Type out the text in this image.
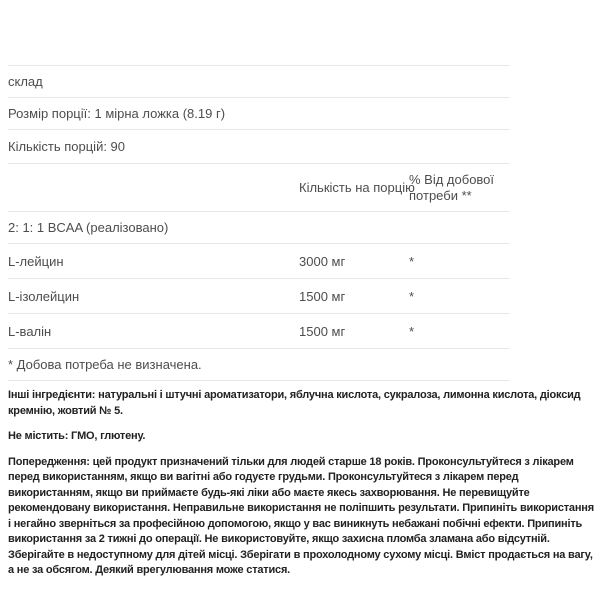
склад
Розмір порції: 1 мірна ложка (8.19 г)
Кількість порцій: 90
Кількість на порцію
% Від добової
потреби **
2: 1: 1 BCAA (реалізовано)
L-лейцин	3000 мг	*
L-ізолейцин	1500 мг	*
L-валін	1500 мг	*
* Добова потреба не визначена.

Інші інгредієнти: натуральні і штучні ароматизатори, яблучна кислота, сукралоза, лимонна кислота, діоксид кремнію, жовтий № 5.

Не містить: ГМО, глютену.

Попередження: цей продукт призначений тільки для людей старше 18 років. Проконсультуйтеся з лікарем перед використанням, якщо ви вагітні або годуєте грудьми. Проконсультуйтеся з лікарем перед використанням, якщо ви приймаєте будь-які ліки або маєте якесь захворювання. Не перевищуйте рекомендовану використання. Неправильне використання не поліпшить результати. Припиніть використання і негайно зверніться за професійною допомогою, якщо у вас виникнуть небажані побічні ефекти. Припиніть використання за 2 тижні до операції. Не використовуйте, якщо захисна пломба зламана або відсутній. Зберігайте в недоступному для дітей місці. Зберігати в прохолодному сухому місці. Вміст продається на вагу, а не за обсягом. Деякий врегулювання може статися.
